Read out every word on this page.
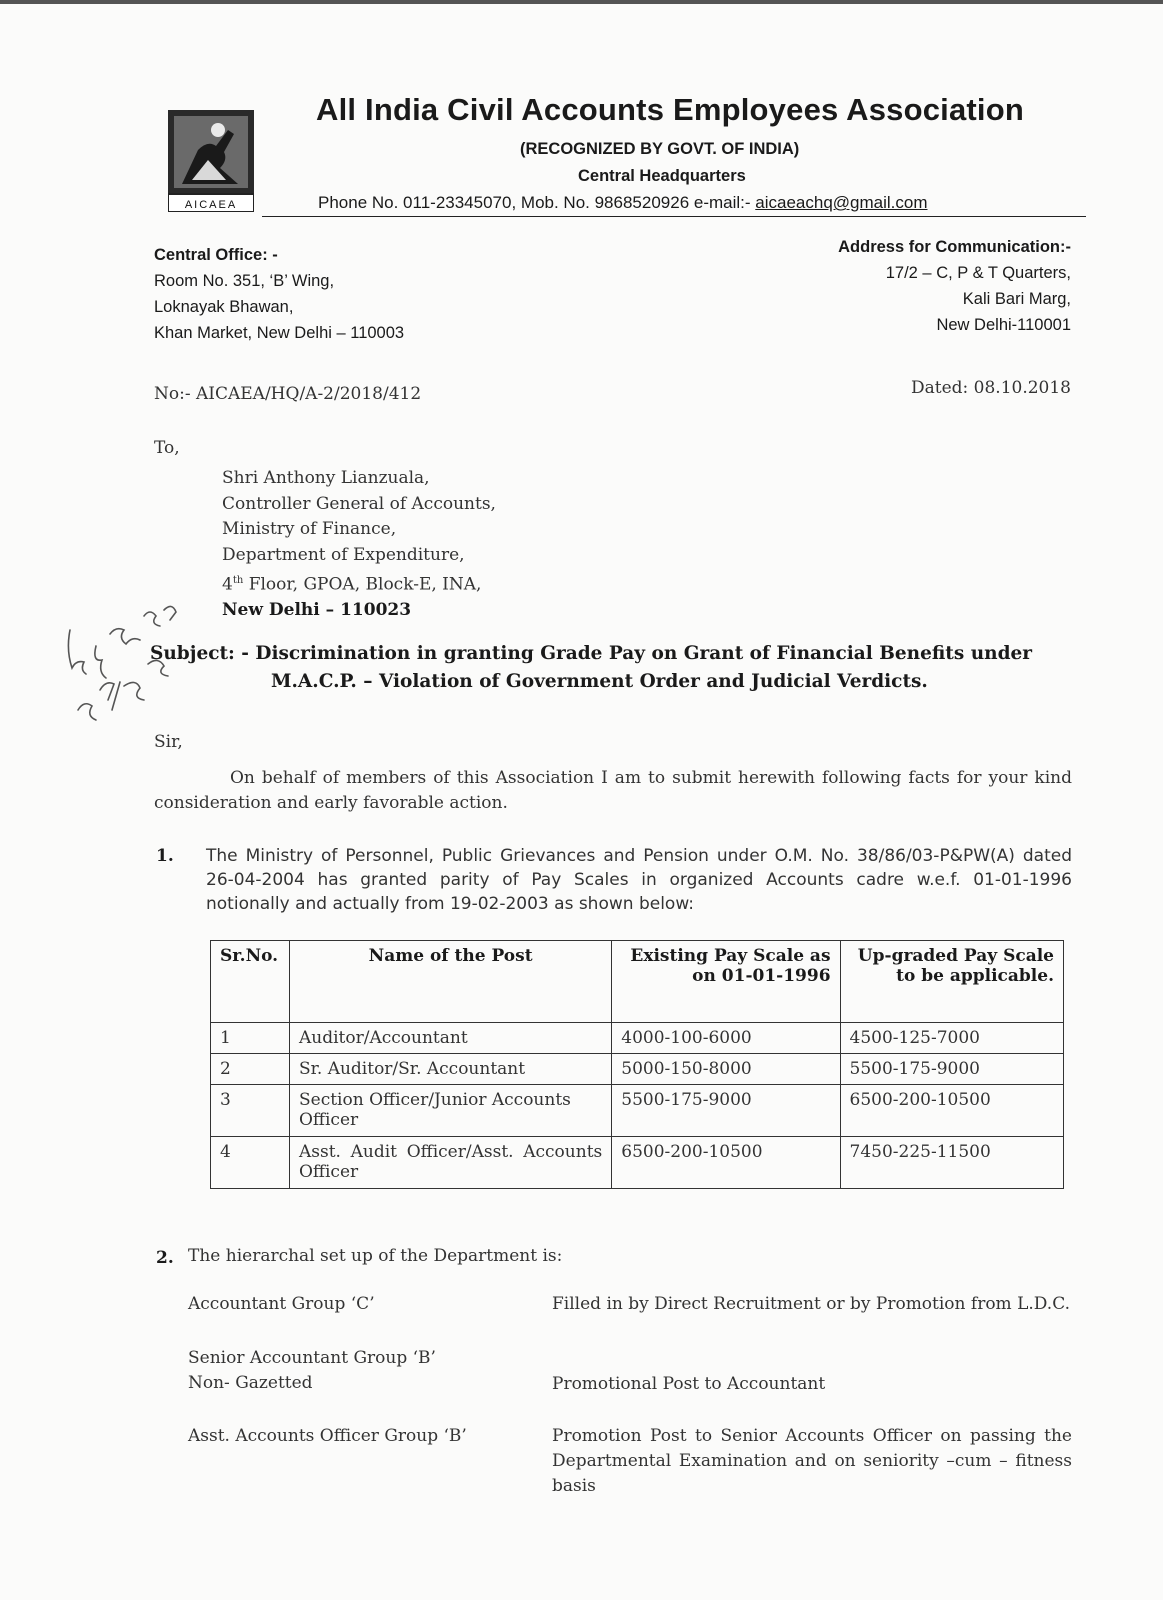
AICAEA
All India Civil Accounts Employees Association
(RECOGNIZED BY GOVT. OF INDIA)
Central Headquarters
Phone No. 011-23345070, Mob. No. 9868520926 e-mail:- aicaeachq@gmail.com
Central Office: -
Room No. 351, ‘B’ Wing,
Loknayak Bhawan,
Khan Market, New Delhi – 110003
Address for Communication:-
17/2 – C, P & T Quarters,
Kali Bari Marg,
New Delhi-110001
No:- AICAEA/HQ/A-2/2018/412	Dated: 08.10.2018
To,
Shri Anthony Lianzuala,
Controller General of Accounts,
Ministry of Finance,
Department of Expenditure,
4th Floor, GPOA, Block-E, INA,
New Delhi – 110023
Subject: - Discrimination in granting Grade Pay on Grant of Financial Benefits under
M.A.C.P. – Violation of Government Order and Judicial Verdicts.
Sir,
On behalf of members of this Association I am to submit herewith following facts for your kind consideration and early favorable action.
1. The Ministry of Personnel, Public Grievances and Pension under O.M. No. 38/86/03-P&PW(A) dated 26-04-2004 has granted parity of Pay Scales in organized Accounts cadre w.e.f. 01-01-1996 notionally and actually from 19-02-2003 as shown below:
Sr.No.	Name of the Post	Existing Pay Scale as on 01-01-1996	Up-graded Pay Scale to be applicable.
1	Auditor/Accountant	4000-100-6000	4500-125-7000
2	Sr. Auditor/Sr. Accountant	5000-150-8000	5500-175-9000
3	Section Officer/Junior Accounts Officer	5500-175-9000	6500-200-10500
4	Asst. Audit Officer/Asst. Accounts Officer	6500-200-10500	7450-225-11500
2. The hierarchal set up of the Department is:
Accountant Group ‘C’	Filled in by Direct Recruitment or by Promotion from L.D.C.
Senior Accountant Group ‘B’
Non- Gazetted	Promotional Post to Accountant
Asst. Accounts Officer Group ‘B’	Promotion Post to Senior Accounts Officer on passing the Departmental Examination and on seniority –cum – fitness basis
